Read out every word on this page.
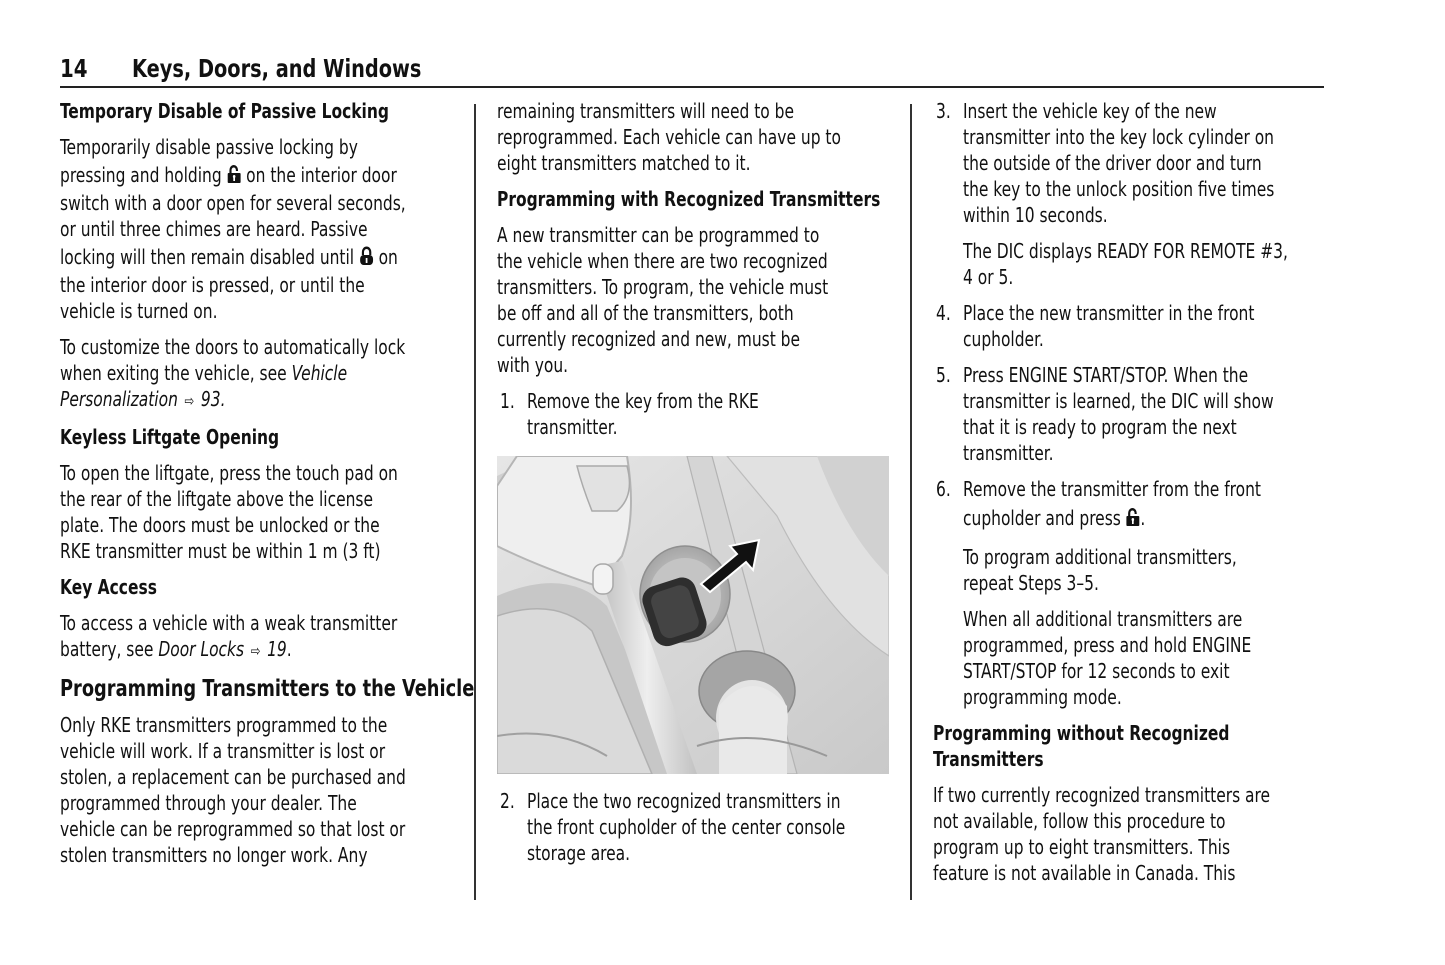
14 Keys, Doors, and Windows
Temporary Disable of Passive Locking

Temporarily disable passive locking by

pressing and holding on the interior door

switch with a door open for several seconds,

or until three chimes are heard. Passive

locking will then remain disabled until on

the interior door is pressed, or until the

vehicle is turned on.

To customize the doors to automatically lock

when exiting the vehicle, see Vehicle

Personalization ⇨ 93.

Keyless Liftgate Opening

To open the liftgate, press the touch pad on

the rear of the liftgate above the license

plate. The doors must be unlocked or the

RKE transmitter must be within 1 m (3 ft)

Key Access

To access a vehicle with a weak transmitter

battery, see Door Locks ⇨ 19.

Programming Transmitters to the Vehicle

Only RKE transmitters programmed to the

vehicle will work. If a transmitter is lost or

stolen, a replacement can be purchased and

programmed through your dealer. The

vehicle can be reprogrammed so that lost or

stolen transmitters no longer work. Any

remaining transmitters will need to be

reprogrammed. Each vehicle can have up to

eight transmitters matched to it.

Programming with Recognized Transmitters

A new transmitter can be programmed to

the vehicle when there are two recognized

transmitters. To program, the vehicle must

be off and all of the transmitters, both

currently recognized and new, must be

with you.

1. Remove the key from the RKE

transmitter.

2. Place the two recognized transmitters in

the front cupholder of the center console

storage area.

3. Insert the vehicle key of the new

transmitter into the key lock cylinder on

the outside of the driver door and turn

the key to the unlock position five times

within 10 seconds.

The DIC displays READY FOR REMOTE #3,

4 or 5.

4. Place the new transmitter in the front

cupholder.

5. Press ENGINE START/STOP. When the

transmitter is learned, the DIC will show

that it is ready to program the next

transmitter.

6. Remove the transmitter from the front

cupholder and press .

To program additional transmitters,

repeat Steps 3–5.

When all additional transmitters are

programmed, press and hold ENGINE

START/STOP for 12 seconds to exit

programming mode.

Programming without Recognized
Transmitters

If two currently recognized transmitters are

not available, follow this procedure to

program up to eight transmitters. This

feature is not available in Canada. This
